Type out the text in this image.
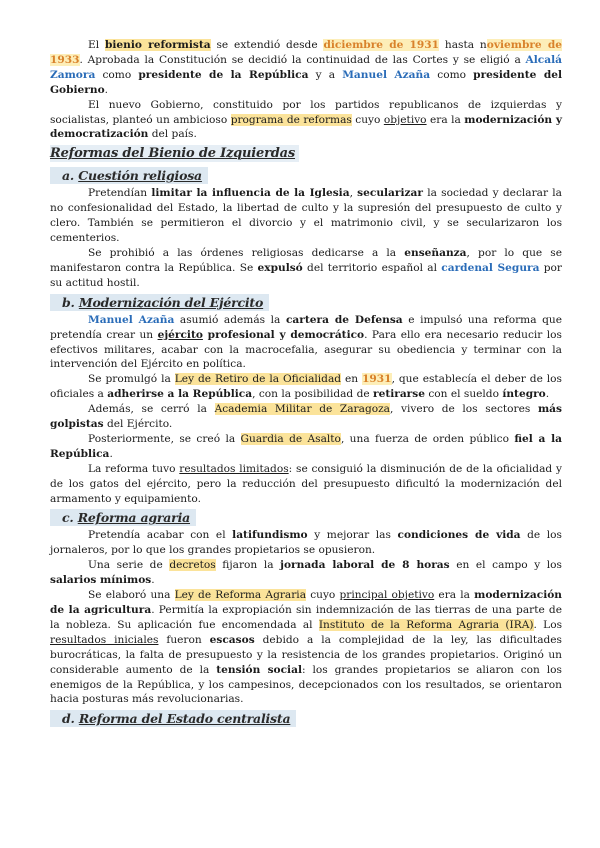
El bienio reformista se extendió desde diciembre de 1931 hasta noviembre de 1933. Aprobada la Constitución se decidió la continuidad de las Cortes y se eligió a Alcalá Zamora como presidente de la República y a Manuel Azaña como presidente del Gobierno.

El nuevo Gobierno, constituido por los partidos republicanos de izquierdas y socialistas, planteó un ambicioso programa de reformas cuyo objetivo era la modernización y democratización del país.

Reformas del Bienio de Izquierdas
a. Cuestión religiosa

Pretendían limitar la influencia de la Iglesia, secularizar la sociedad y declarar la no confesionalidad del Estado, la libertad de culto y la supresión del presupuesto de culto y clero. También se permitieron el divorcio y el matrimonio civil, y se secularizaron los cementerios.

Se prohibió a las órdenes religiosas dedicarse a la enseñanza, por lo que se manifestaron contra la República. Se expulsó del territorio español al cardenal Segura por su actitud hostil.

b. Modernización del Ejército

Manuel Azaña asumió además la cartera de Defensa e impulsó una reforma que pretendía crear un ejército profesional y democrático. Para ello era necesario reducir los efectivos militares, acabar con la macrocefalia, asegurar su obediencia y terminar con la intervención del Ejército en política.

Se promulgó la Ley de Retiro de la Oficialidad en 1931, que establecía el deber de los oficiales a adherirse a la República, con la posibilidad de retirarse con el sueldo íntegro.

Además, se cerró la Academia Militar de Zaragoza, vivero de los sectores más golpistas del Ejército.

Posteriormente, se creó la Guardia de Asalto, una fuerza de orden público fiel a la República.

La reforma tuvo resultados limitados: se consiguió la disminución de de la oficialidad y de los gatos del ejército, pero la reducción del presupuesto dificultó la modernización del armamento y equipamiento.

c. Reforma agraria

Pretendía acabar con el latifundismo y mejorar las condiciones de vida de los jornaleros, por lo que los grandes propietarios se opusieron.

Una serie de decretos fijaron la jornada laboral de 8 horas en el campo y los salarios mínimos.

Se elaboró una Ley de Reforma Agraria cuyo principal objetivo era la modernización de la agricultura. Permitía la expropiación sin indemnización de las tierras de una parte de la nobleza. Su aplicación fue encomendada al Instituto de la Reforma Agraria (IRA). Los resultados iniciales fueron escasos debido a la complejidad de la ley, las dificultades burocráticas, la falta de presupuesto y la resistencia de los grandes propietarios. Originó un considerable aumento de la tensión social: los grandes propietarios se aliaron con los enemigos de la República, y los campesinos, decepcionados con los resultados, se orientaron hacia posturas más revolucionarias.

d. Reforma del Estado centralista
